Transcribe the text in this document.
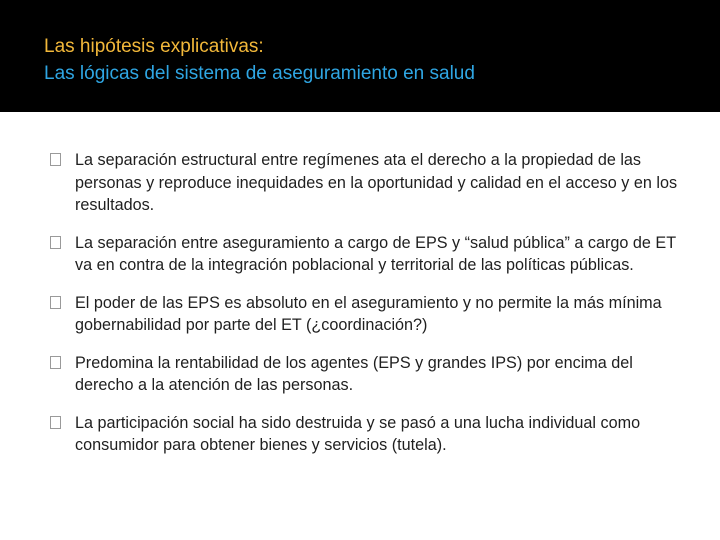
Las hipótesis explicativas:
Las lógicas del sistema de aseguramiento en salud
La separación estructural entre regímenes ata el derecho a la propiedad de las personas y reproduce inequidades en la oportunidad y calidad en el acceso y en los resultados.
La separación entre aseguramiento a cargo de EPS y “salud pública” a cargo de ET va en contra de la integración poblacional y territorial de las políticas públicas.
El poder de las EPS es absoluto en el aseguramiento y no permite la más mínima gobernabilidad por parte del ET (¿coordinación?)
Predomina la rentabilidad de los agentes (EPS y grandes IPS) por encima del derecho a la atención de las personas.
La participación social ha sido destruida y se pasó a una lucha individual como consumidor para obtener bienes y servicios (tutela).
